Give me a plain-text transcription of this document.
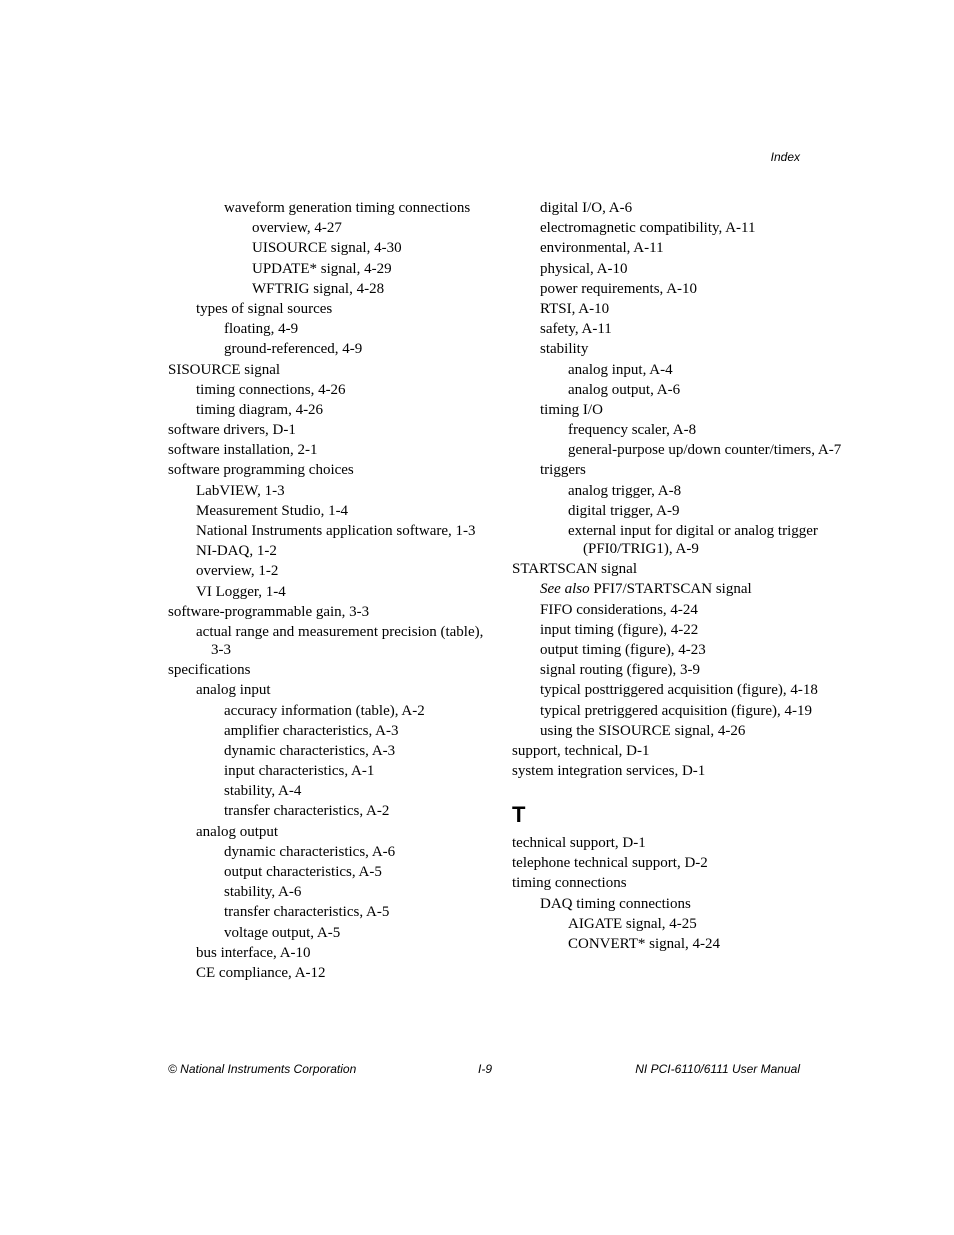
Index
waveform generation timing connections
overview, 4-27
UISOURCE signal, 4-30
UPDATE* signal, 4-29
WFTRIG signal, 4-28
types of signal sources
floating, 4-9
ground-referenced, 4-9
SISOURCE signal
timing connections, 4-26
timing diagram, 4-26
software drivers, D-1
software installation, 2-1
software programming choices
LabVIEW, 1-3
Measurement Studio, 1-4
National Instruments application software, 1-3
NI-DAQ, 1-2
overview, 1-2
VI Logger, 1-4
software-programmable gain, 3-3
actual range and measurement precision (table), 3-3
specifications
analog input
accuracy information (table), A-2
amplifier characteristics, A-3
dynamic characteristics, A-3
input characteristics, A-1
stability, A-4
transfer characteristics, A-2
analog output
dynamic characteristics, A-6
output characteristics, A-5
stability, A-6
transfer characteristics, A-5
voltage output, A-5
bus interface, A-10
CE compliance, A-12
digital I/O, A-6
electromagnetic compatibility, A-11
environmental, A-11
physical, A-10
power requirements, A-10
RTSI, A-10
safety, A-11
stability
analog input, A-4
analog output, A-6
timing I/O
frequency scaler, A-8
general-purpose up/down counter/timers, A-7
triggers
analog trigger, A-8
digital trigger, A-9
external input for digital or analog trigger (PFI0/TRIG1), A-9
STARTSCAN signal
See also PFI7/STARTSCAN signal
FIFO considerations, 4-24
input timing (figure), 4-22
output timing (figure), 4-23
signal routing (figure), 3-9
typical posttriggered acquisition (figure), 4-18
typical pretriggered acquisition (figure), 4-19
using the SISOURCE signal, 4-26
support, technical, D-1
system integration services, D-1
T
technical support, D-1
telephone technical support, D-2
timing connections
DAQ timing connections
AIGATE signal, 4-25
CONVERT* signal, 4-24
© National Instruments Corporation	I-9	NI PCI-6110/6111 User Manual
